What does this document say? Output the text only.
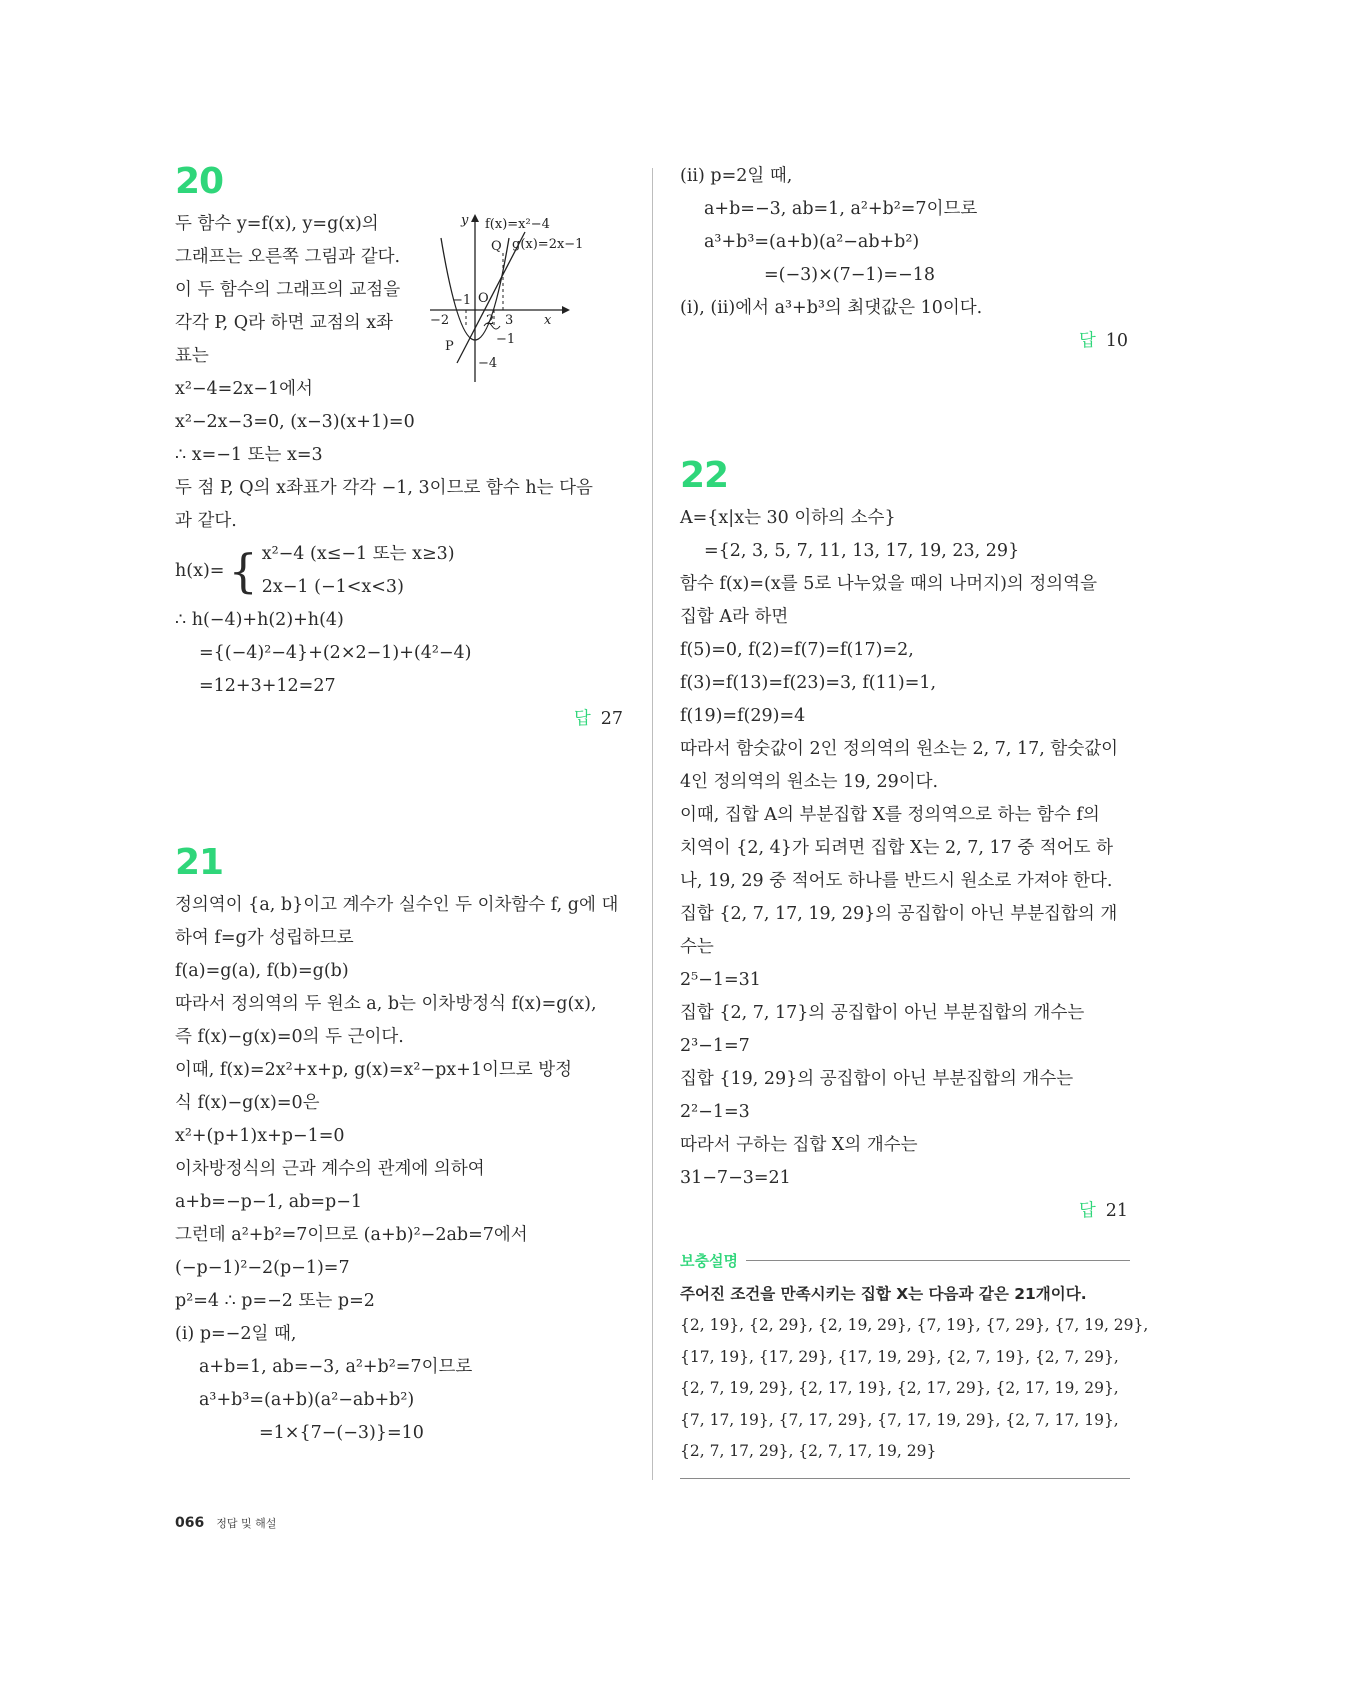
20
두 함수 y=f(x), y=g(x)의
그래프는 오른쪽 그림과 같다.
이 두 함수의 그래프의 교점을
각각 P, Q라 하면 교점의 x좌
표는
y f(x)=x²−4
g(x)=2x−1
Q
x
O
−2
−1
2 3
−1
−4
P
x²−4=2x−1에서
x²−2x−3=0, (x−3)(x+1)=0
∴ x=−1 또는 x=3
두 점 P, Q의 x좌표가 각각 −1, 3이므로 함수 h는 다음
과 같다.
h(x)= { x²−4 (x≤−1 또는 x≥3)
2x−1 (−1<x<3)
∴ h(−4)+h(2)+h(4)
={(−4)²−4}+(2×2−1)+(4²−4)
=12+3+12=27
답 27
21
정의역이 {a, b}이고 계수가 실수인 두 이차함수 f, g에 대
하여 f=g가 성립하므로
f(a)=g(a), f(b)=g(b)
따라서 정의역의 두 원소 a, b는 이차방정식 f(x)=g(x),
즉 f(x)−g(x)=0의 두 근이다.
이때, f(x)=2x²+x+p, g(x)=x²−px+1이므로 방정
식 f(x)−g(x)=0은
x²+(p+1)x+p−1=0
이차방정식의 근과 계수의 관계에 의하여
a+b=−p−1, ab=p−1
그런데 a²+b²=7이므로 (a+b)²−2ab=7에서
(−p−1)²−2(p−1)=7
p²=4 ∴ p=−2 또는 p=2
(i) p=−2일 때,
a+b=1, ab=−3, a²+b²=7이므로
a³+b³=(a+b)(a²−ab+b²)
=1×{7−(−3)}=10
(ii) p=2일 때,
a+b=−3, ab=1, a²+b²=7이므로
a³+b³=(a+b)(a²−ab+b²)
=(−3)×(7−1)=−18
(i), (ii)에서 a³+b³의 최댓값은 10이다.
답 10
22
A={x|x는 30 이하의 소수}
={2, 3, 5, 7, 11, 13, 17, 19, 23, 29}
함수 f(x)=(x를 5로 나누었을 때의 나머지)의 정의역을
집합 A라 하면
f(5)=0, f(2)=f(7)=f(17)=2,
f(3)=f(13)=f(23)=3, f(11)=1,
f(19)=f(29)=4
따라서 함숫값이 2인 정의역의 원소는 2, 7, 17, 함숫값이
4인 정의역의 원소는 19, 29이다.
이때, 집합 A의 부분집합 X를 정의역으로 하는 함수 f의
치역이 {2, 4}가 되려면 집합 X는 2, 7, 17 중 적어도 하
나, 19, 29 중 적어도 하나를 반드시 원소로 가져야 한다.
집합 {2, 7, 17, 19, 29}의 공집합이 아닌 부분집합의 개
수는
2⁵−1=31
집합 {2, 7, 17}의 공집합이 아닌 부분집합의 개수는
2³−1=7
집합 {19, 29}의 공집합이 아닌 부분집합의 개수는
2²−1=3
따라서 구하는 집합 X의 개수는
31−7−3=21
답 21
보충설명
주어진 조건을 만족시키는 집합 X는 다음과 같은 21개이다.
{2, 19}, {2, 29}, {2, 19, 29}, {7, 19}, {7, 29}, {7, 19, 29},
{17, 19}, {17, 29}, {17, 19, 29}, {2, 7, 19}, {2, 7, 29},
{2, 7, 19, 29}, {2, 17, 19}, {2, 17, 29}, {2, 17, 19, 29},
{7, 17, 19}, {7, 17, 29}, {7, 17, 19, 29}, {2, 7, 17, 19},
{2, 7, 17, 29}, {2, 7, 17, 19, 29}
066 정답 및 해설
